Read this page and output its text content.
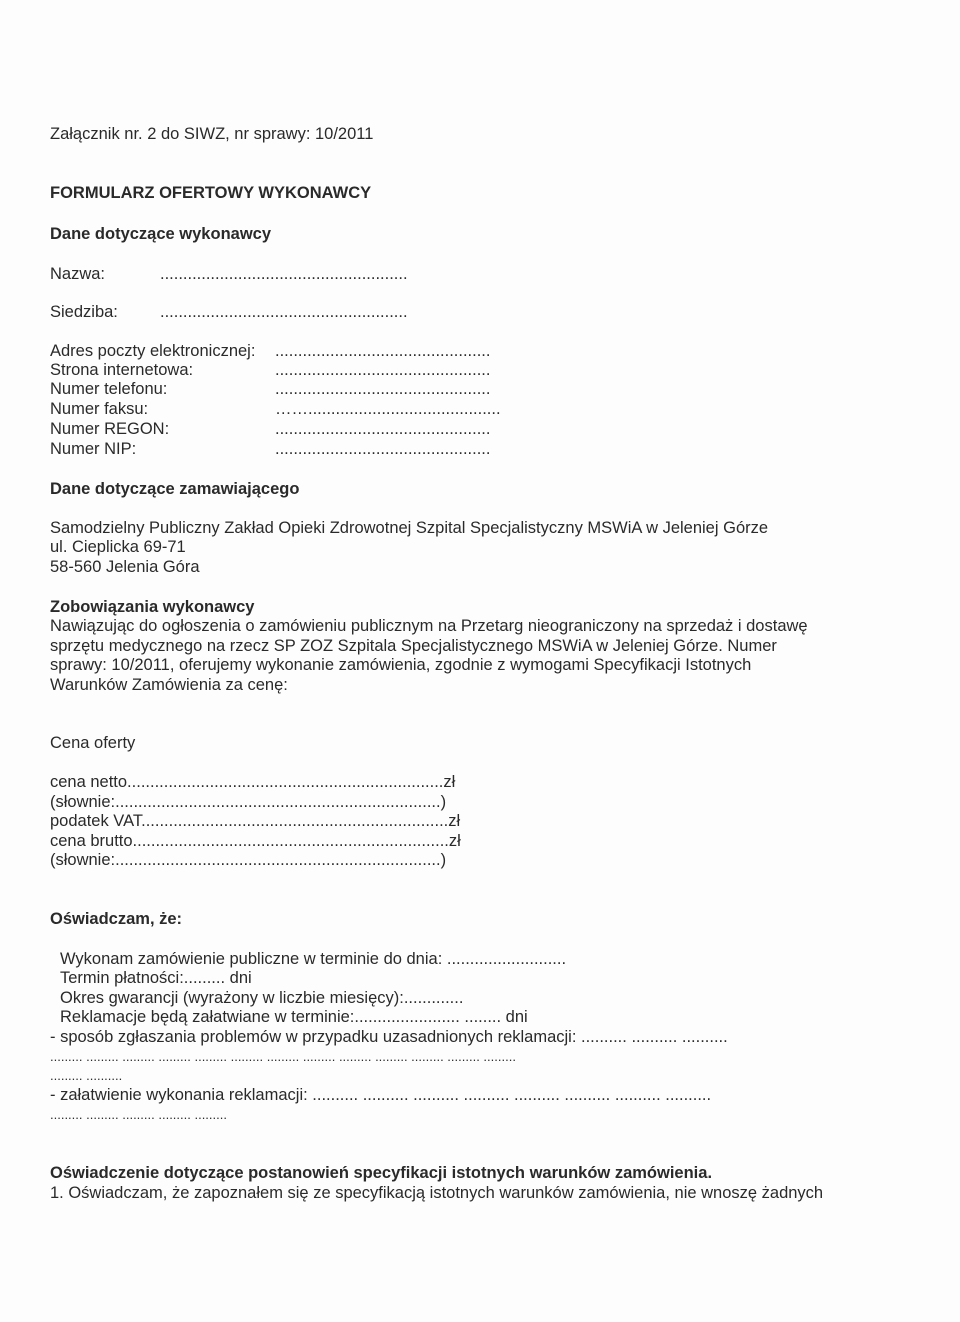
Załącznik nr. 2 do SIWZ, nr sprawy: 10/2011
FORMULARZ OFERTOWY WYKONAWCY
Dane dotyczące wykonawcy
Nazwa:	......................................................
Siedziba:	......................................................
Adres poczty elektronicznej: ...............................................
Strona internetowa:	...............................................
Numer telefonu:	...............................................
Numer faksu:	……..........................................
Numer REGON:	...............................................
Numer NIP:	...............................................
Dane dotyczące zamawiającego
Samodzielny Publiczny Zakład Opieki Zdrowotnej Szpital Specjalistyczny MSWiA w Jeleniej Górze
ul. Cieplicka 69-71
58-560 Jelenia Góra
Zobowiązania wykonawcy
Nawiązując do ogłoszenia o zamówieniu publicznym na Przetarg nieograniczony na sprzedaż i dostawę
sprzętu medycznego na rzecz SP ZOZ Szpitala Specjalistycznego MSWiA w Jeleniej Górze. Numer
sprawy: 10/2011, oferujemy wykonanie zamówienia, zgodnie z wymogami Specyfikacji Istotnych
Warunków Zamówienia za cenę:
Cena oferty
cena netto.....................................................................zł
(słownie:.......................................................................)
podatek VAT...................................................................zł
cena brutto.....................................................................zł
(słownie:.......................................................................)
Oświadczam, że:
Wykonam zamówienie publiczne w terminie do dnia: ..........................
Termin płatności:......... dni
Okres gwarancji (wyrażony w liczbie miesięcy):.............
Reklamacje będą załatwiane w terminie:....................... ........ dni
- sposób zgłaszania problemów w przypadku uzasadnionych reklamacji: .......... .......... ..........
......... ......... ......... ......... ......... ......... ......... ......... ......... ......... ......... ......... .........
......... ..........
- załatwienie wykonania reklamacji: .......... .......... .......... .......... .......... .......... .......... ..........
......... ......... ......... ......... .........
Oświadczenie dotyczące postanowień specyfikacji istotnych warunków zamówienia.
1. Oświadczam, że zapoznałem się ze specyfikacją istotnych warunków zamówienia, nie wnoszę żadnych
